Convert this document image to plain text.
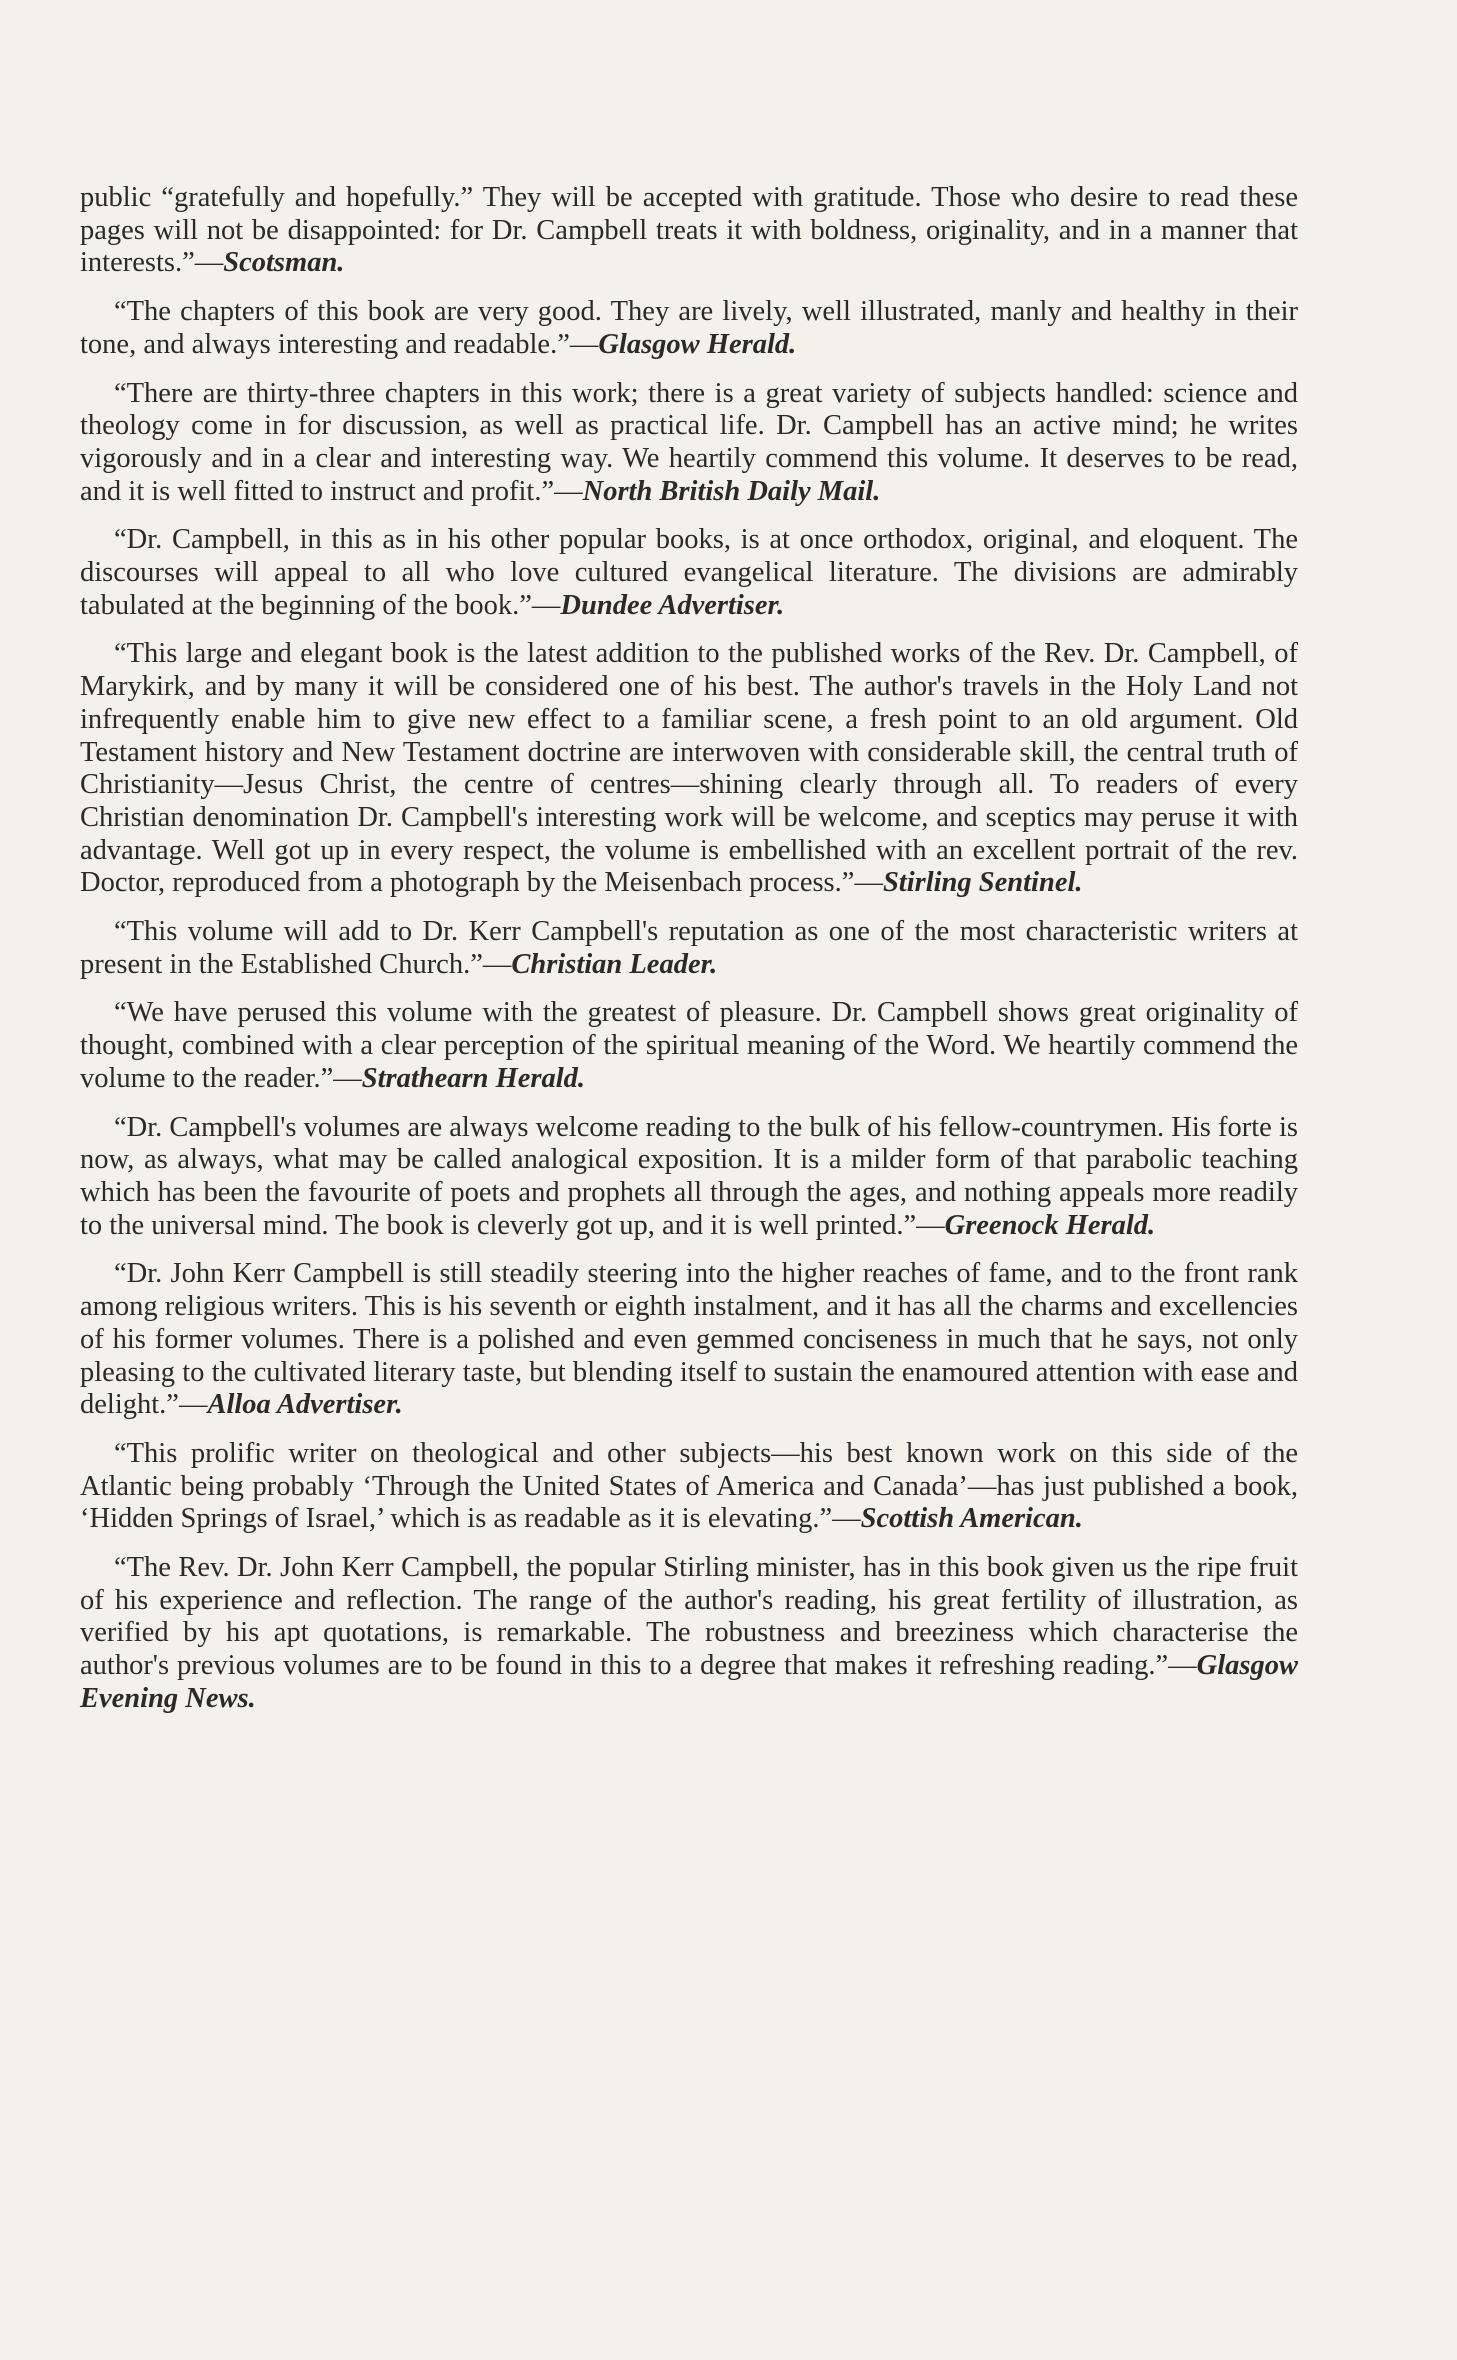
public “gratefully and hopefully.” They will be accepted with gratitude. Those who desire to read these pages will not be disappointed: for Dr. Campbell treats it with boldness, originality, and in a manner that interests.”—Scotsman.
“The chapters of this book are very good. They are lively, well illustrated, manly and healthy in their tone, and always interesting and readable.”—Glasgow Herald.
“There are thirty-three chapters in this work; there is a great variety of subjects handled: science and theology come in for discussion, as well as practical life. Dr. Campbell has an active mind; he writes vigorously and in a clear and interesting way. We heartily commend this volume. It deserves to be read, and it is well fitted to instruct and profit.”—North British Daily Mail.
“Dr. Campbell, in this as in his other popular books, is at once orthodox, original, and eloquent. The discourses will appeal to all who love cultured evangelical literature. The divisions are admirably tabulated at the beginning of the book.”—Dundee Advertiser.
“This large and elegant book is the latest addition to the published works of the Rev. Dr. Campbell, of Marykirk, and by many it will be considered one of his best. The author's travels in the Holy Land not infrequently enable him to give new effect to a familiar scene, a fresh point to an old argument. Old Testament history and New Testament doctrine are interwoven with considerable skill, the central truth of Christianity—Jesus Christ, the centre of centres—shining clearly through all. To readers of every Christian denomination Dr. Campbell's interesting work will be welcome, and sceptics may peruse it with advantage. Well got up in every respect, the volume is embellished with an excellent portrait of the rev. Doctor, reproduced from a photograph by the Meisenbach process.”—Stirling Sentinel.
“This volume will add to Dr. Kerr Campbell's reputation as one of the most characteristic writers at present in the Established Church.”—Christian Leader.
“We have perused this volume with the greatest of pleasure. Dr. Campbell shows great originality of thought, combined with a clear perception of the spiritual meaning of the Word. We heartily commend the volume to the reader.”—Strathearn Herald.
“Dr. Campbell's volumes are always welcome reading to the bulk of his fellow-countrymen. His forte is now, as always, what may be called analogical exposition. It is a milder form of that parabolic teaching which has been the favourite of poets and prophets all through the ages, and nothing appeals more readily to the universal mind. The book is cleverly got up, and it is well printed.”—Greenock Herald.
“Dr. John Kerr Campbell is still steadily steering into the higher reaches of fame, and to the front rank among religious writers. This is his seventh or eighth instalment, and it has all the charms and excellencies of his former volumes. There is a polished and even gemmed conciseness in much that he says, not only pleasing to the cultivated literary taste, but blending itself to sustain the enamoured attention with ease and delight.”—Alloa Advertiser.
“This prolific writer on theological and other subjects—his best known work on this side of the Atlantic being probably ‘Through the United States of America and Canada’—has just published a book, ‘Hidden Springs of Israel,’ which is as readable as it is elevating.”—Scottish American.
“The Rev. Dr. John Kerr Campbell, the popular Stirling minister, has in this book given us the ripe fruit of his experience and reflection. The range of the author's reading, his great fertility of illustration, as verified by his apt quotations, is remarkable. The robustness and breeziness which characterise the author's previous volumes are to be found in this to a degree that makes it refreshing reading.”—Glasgow Evening News.
